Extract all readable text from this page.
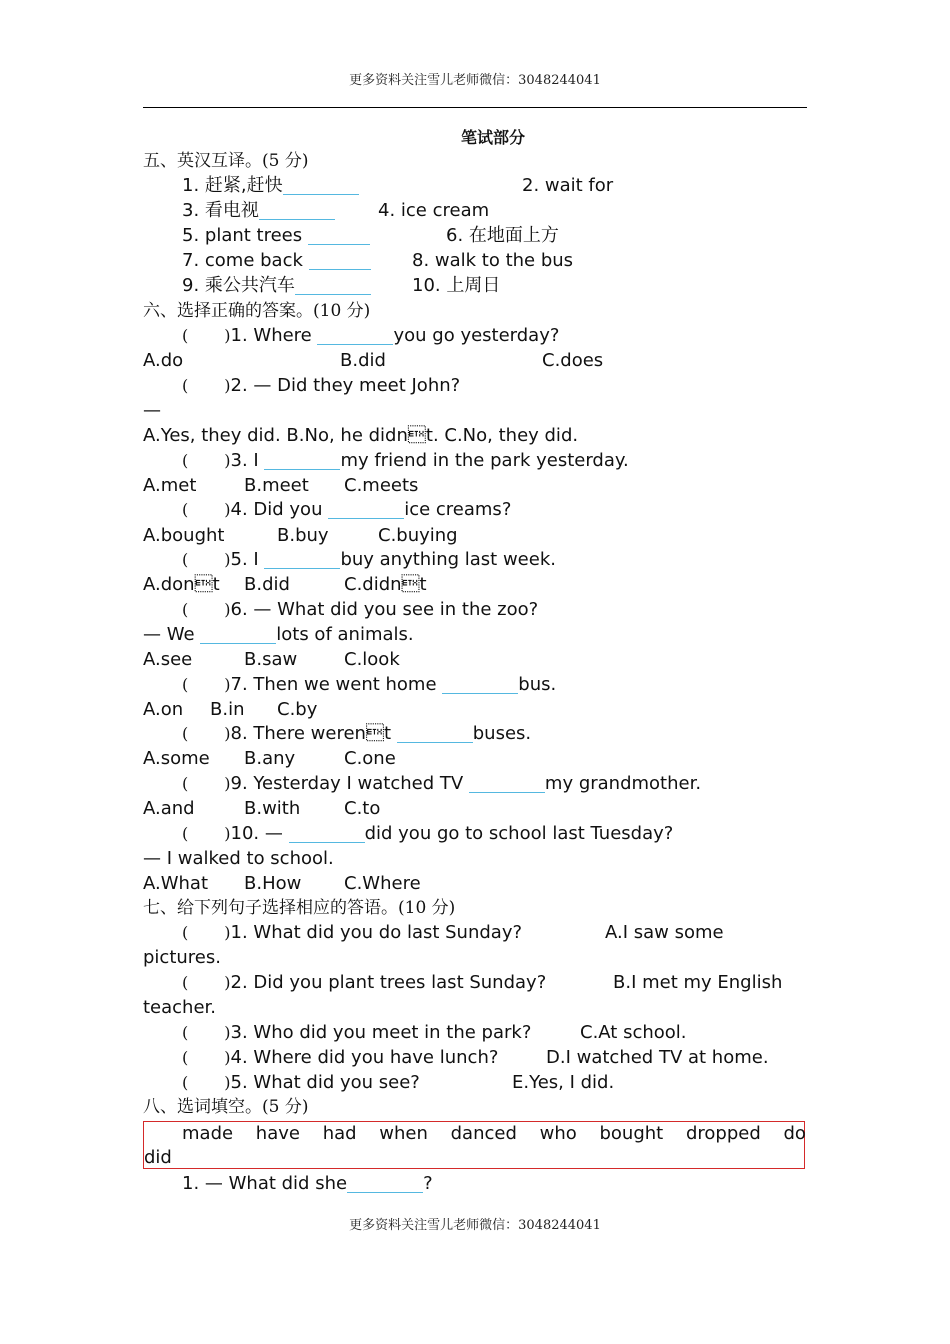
更多资料关注雪儿老师微信：3048244041
笔试部分
五、英汉互译。(5 分)
1. 赶紧,赶快	2. wait for
3. 看电视	4. ice cream
5. plant trees	6. 在地面上方
7. come back	8. walk to the bus
9. 乘公共汽车	10. 上周日
六、选择正确的答案。(10 分)
( )1. Where	you go yesterday?
A.do	B.did	C.does
( )2. — Did they meet John?
—
A.Yes, they did. B.No, he didnt. C.No, they did.
( )3. I	my friend in the park yesterday.
A.met	B.meet C.meets
( )4. Did you	ice creams?
A.bought	B.buy	C.buying
( )5. I	buy anything last week.
A.dont B.did	C.didnt
( )6. — What did you see in the zoo?
— We	lots of animals.
A.see	B.saw	C.look
( )7. Then we went home	bus.
A.on B.in C.by
( )8. There werent	buses.
A.some B.any	C.one
( )9. Yesterday I watched TV	my grandmother.
A.and	B.with C.to
( )10. —	did you go to school last Tuesday?
— I walked to school.
A.What B.How C.Where
七、给下列句子选择相应的答语。(10 分)
( )1. What did you do last Sunday?	A.I saw some
pictures.
( )2. Did you plant trees last Sunday?	B.I met my English
teacher.
( )3. Who did you meet in the park?	C.At school.
( )4. Where did you have lunch?	D.I watched TV at home.
( )5. What did you see?	E.Yes, I did.
八、选词填空。(5 分)
made have had when danced who bought dropped do
did
1. — What did she	?
更多资料关注雪儿老师微信：3048244041
